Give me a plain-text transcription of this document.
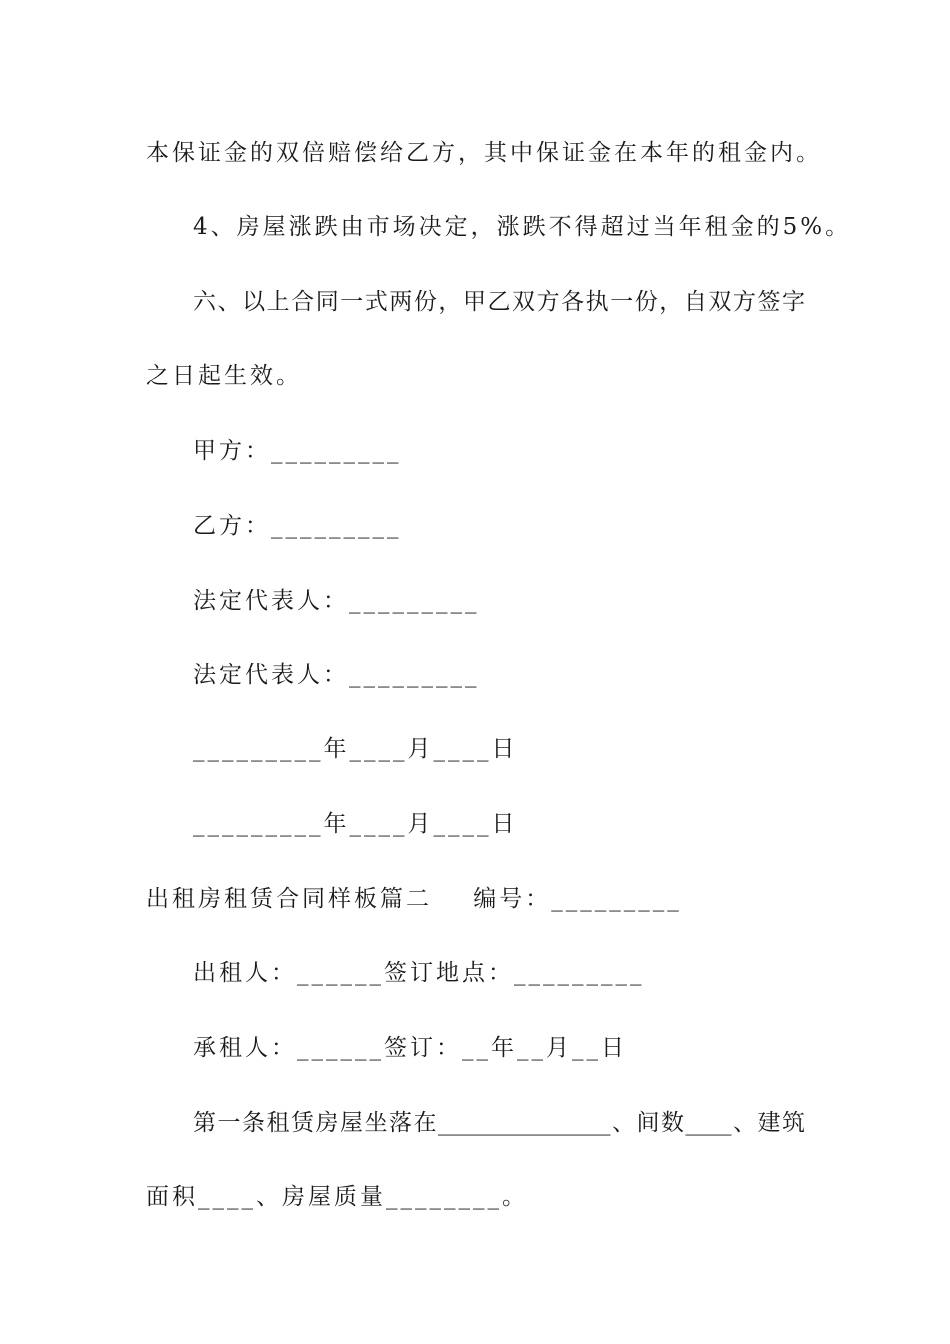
本保证金的双倍赔偿给乙方，其中保证金在本年的租金内。
4、房屋涨跌由市场决定，涨跌不得超过当年租金的5%。
六、以上合同一式两份，甲乙双方各执一份，自双方签字
之日起生效。
甲方：_________
乙方：_________
法定代表人：_________
法定代表人：_________
_________年____月____日
_________年____月____日
出租房租赁合同样板篇二    编号：_________
出租人：______签订地点：_________
承租人：______签订：__年__月__日
第一条租赁房屋坐落在_______________、间数____、建筑
面积____、房屋质量________。
